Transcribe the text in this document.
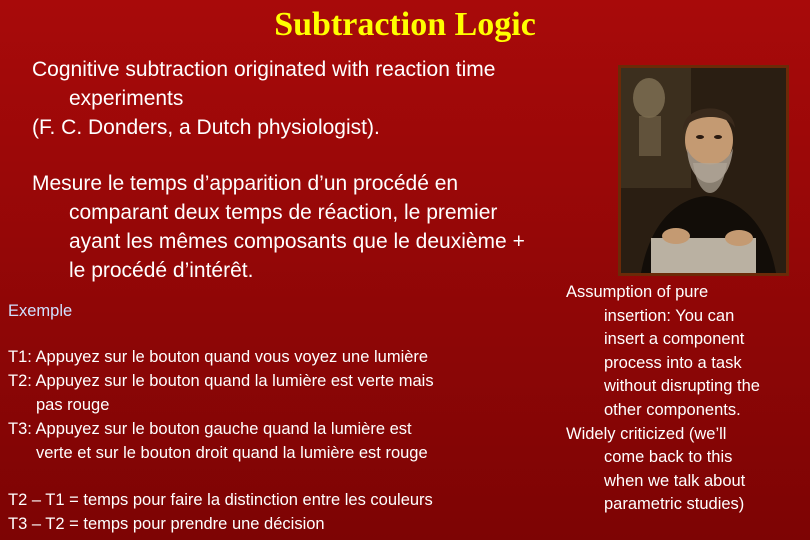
Subtraction Logic
Cognitive subtraction originated with reaction time
experiments
(F. C. Donders, a Dutch physiologist).
Mesure le temps d’apparition d’un procédé en
comparant deux temps de réaction, le premier
ayant les mêmes composants que le deuxième +
le procédé d’intérêt.
Exemple
T1: Appuyez sur le bouton quand vous voyez une lumière
T2: Appuyez sur le bouton quand la lumière est verte mais
pas rouge
T3: Appuyez sur le bouton gauche quand la lumière est
verte et sur le bouton droit quand la lumière est rouge
T2 – T1 = temps pour faire la distinction entre les couleurs
T3 – T2 = temps pour prendre une décision
Assumption of pure
insertion: You can
insert a component
process into a task
without disrupting the
other components.
Widely criticized (we’ll
come back to this
when we talk about
parametric studies)
